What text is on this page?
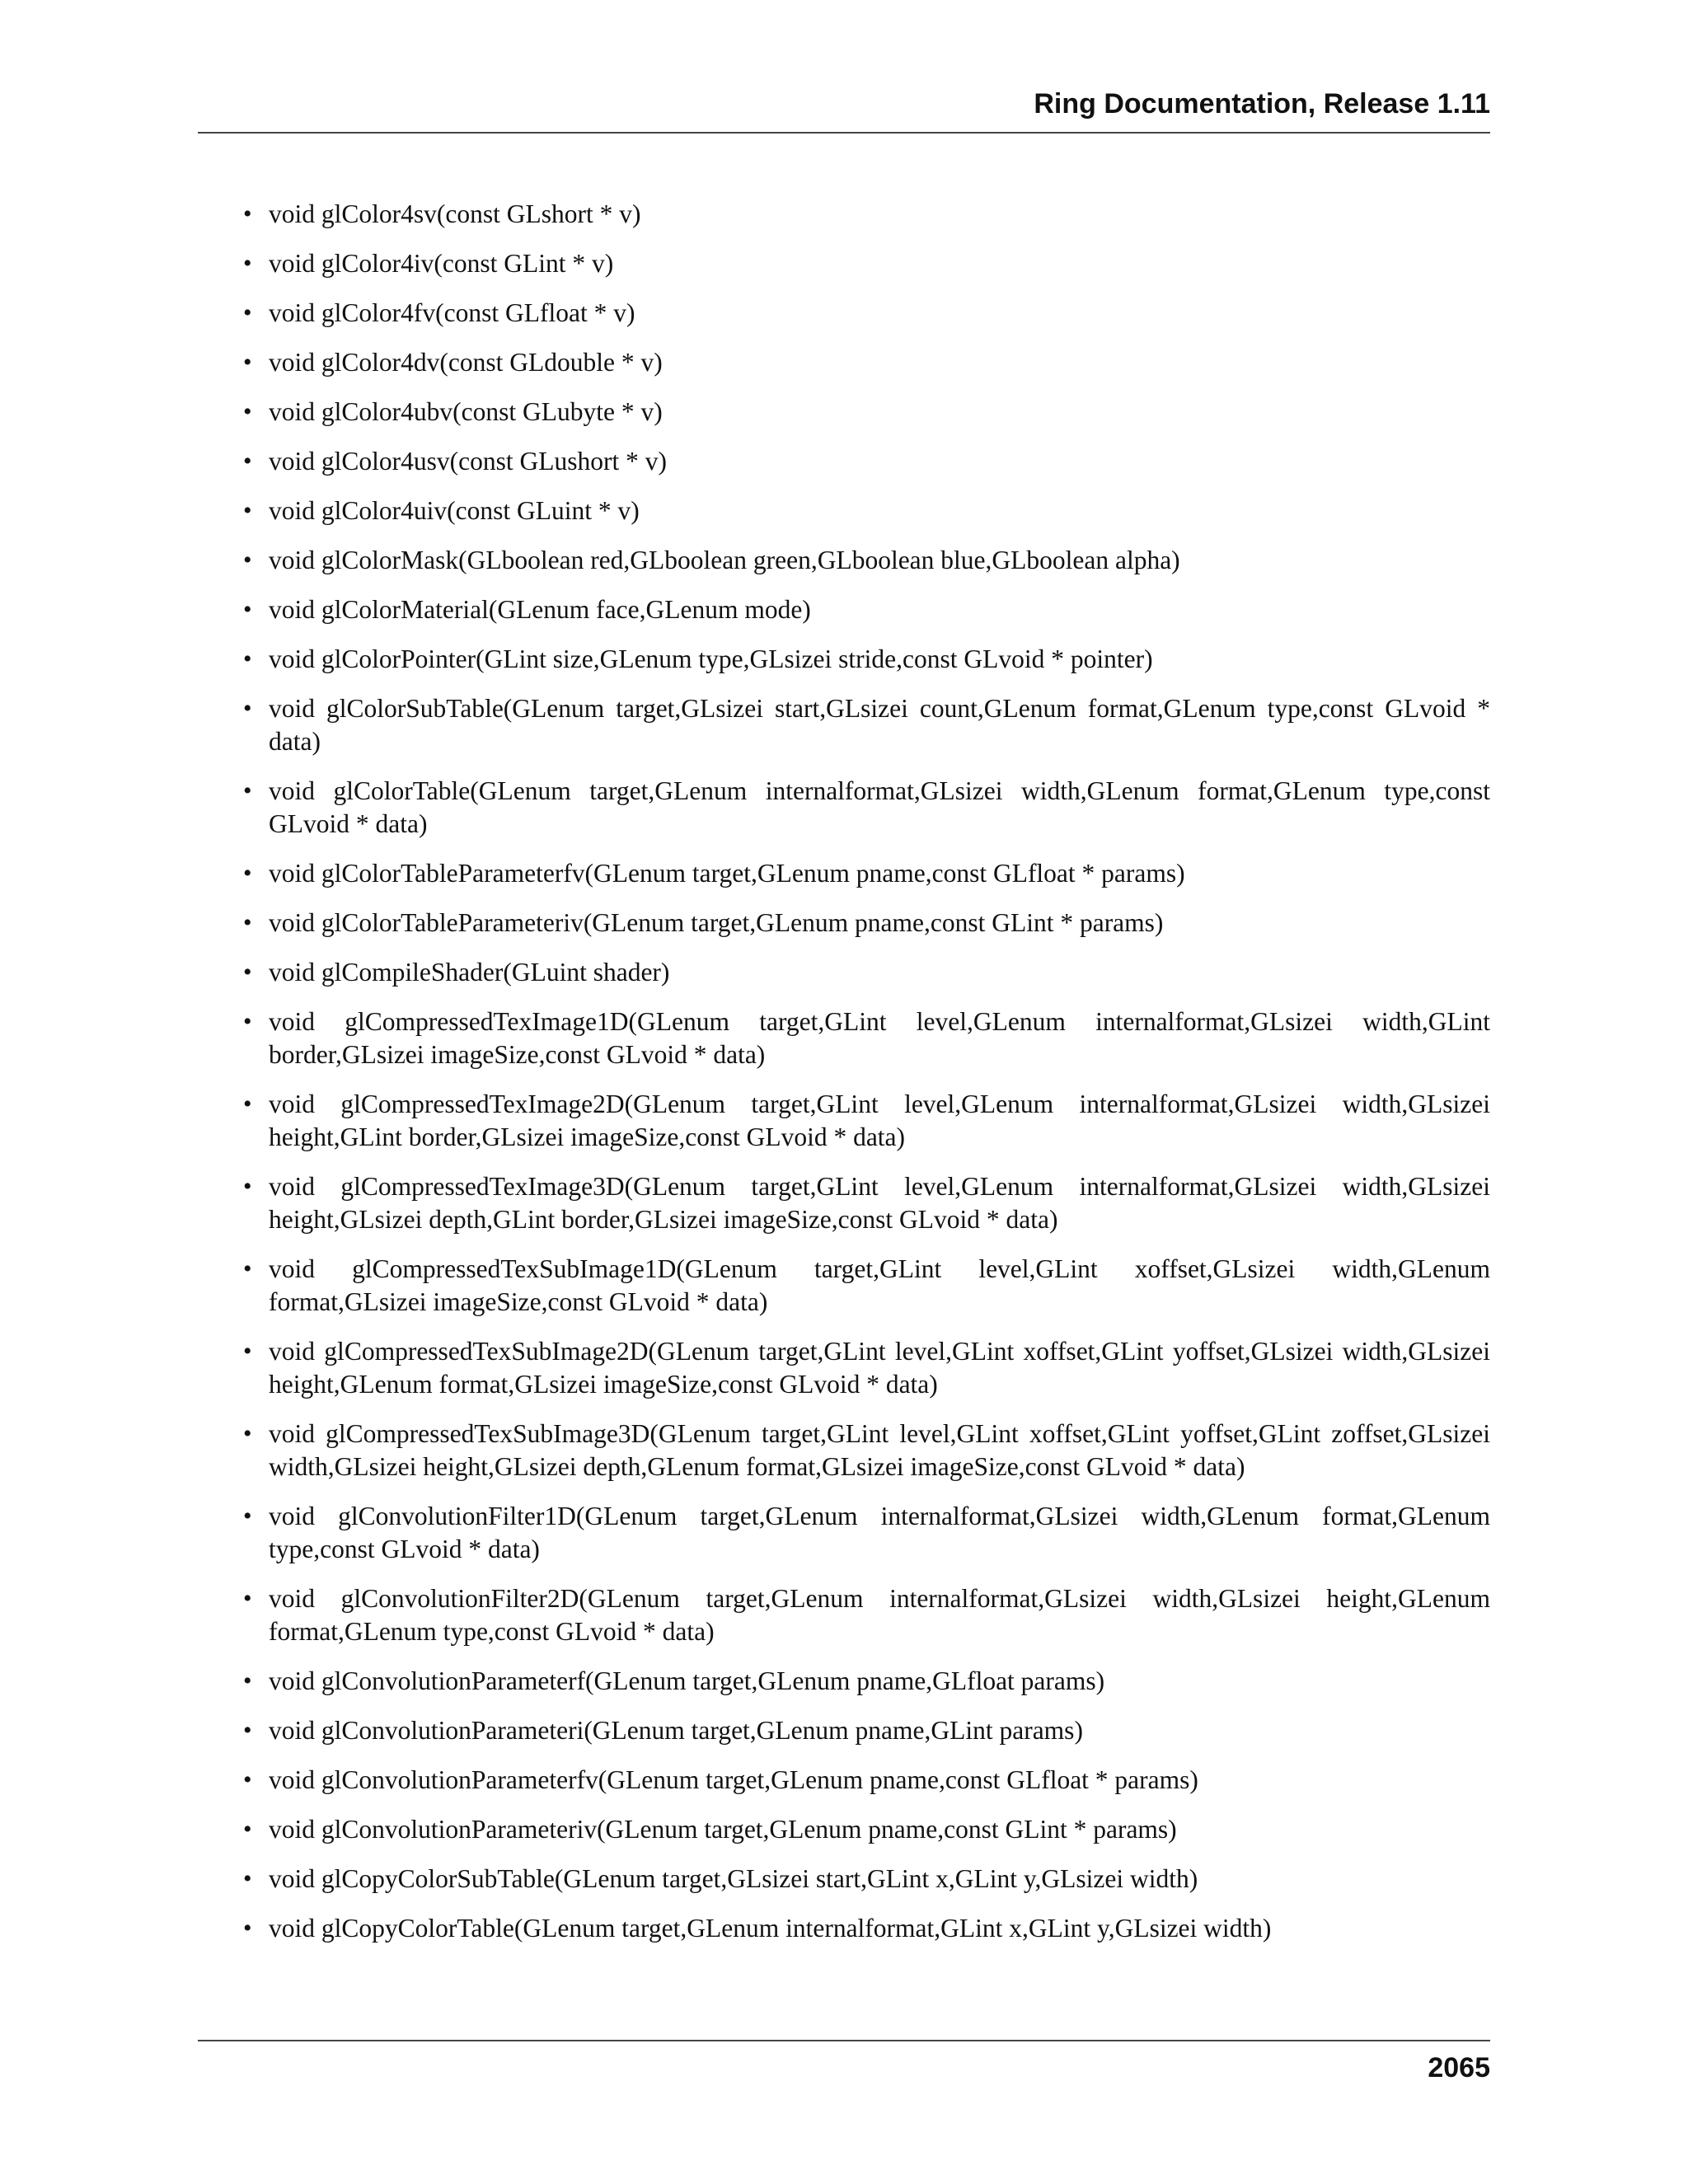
Ring Documentation, Release 1.11
• void glColor4sv(const GLshort * v)
• void glColor4iv(const GLint * v)
• void glColor4fv(const GLfloat * v)
• void glColor4dv(const GLdouble * v)
• void glColor4ubv(const GLubyte * v)
• void glColor4usv(const GLushort * v)
• void glColor4uiv(const GLuint * v)
• void glColorMask(GLboolean red,GLboolean green,GLboolean blue,GLboolean alpha)
• void glColorMaterial(GLenum face,GLenum mode)
• void glColorPointer(GLint size,GLenum type,GLsizei stride,const GLvoid * pointer)
• void glColorSubTable(GLenum target,GLsizei start,GLsizei count,GLenum format,GLenum type,const GLvoid * data)
• void glColorTable(GLenum target,GLenum internalformat,GLsizei width,GLenum format,GLenum type,const GLvoid * data)
• void glColorTableParameterfv(GLenum target,GLenum pname,const GLfloat * params)
• void glColorTableParameteriv(GLenum target,GLenum pname,const GLint * params)
• void glCompileShader(GLuint shader)
• void glCompressedTexImage1D(GLenum target,GLint level,GLenum internalformat,GLsizei width,GLint border,GLsizei imageSize,const GLvoid * data)
• void glCompressedTexImage2D(GLenum target,GLint level,GLenum internalformat,GLsizei width,GLsizei height,GLint border,GLsizei imageSize,const GLvoid * data)
• void glCompressedTexImage3D(GLenum target,GLint level,GLenum internalformat,GLsizei width,GLsizei height,GLsizei depth,GLint border,GLsizei imageSize,const GLvoid * data)
• void glCompressedTexSubImage1D(GLenum target,GLint level,GLint xoffset,GLsizei width,GLenum format,GLsizei imageSize,const GLvoid * data)
• void glCompressedTexSubImage2D(GLenum target,GLint level,GLint xoffset,GLint yoffset,GLsizei width,GLsizei height,GLenum format,GLsizei imageSize,const GLvoid * data)
• void glCompressedTexSubImage3D(GLenum target,GLint level,GLint xoffset,GLint yoffset,GLint zoffset,GLsizei width,GLsizei height,GLsizei depth,GLenum format,GLsizei imageSize,const GLvoid * data)
• void glConvolutionFilter1D(GLenum target,GLenum internalformat,GLsizei width,GLenum format,GLenum type,const GLvoid * data)
• void glConvolutionFilter2D(GLenum target,GLenum internalformat,GLsizei width,GLsizei height,GLenum format,GLenum type,const GLvoid * data)
• void glConvolutionParameterf(GLenum target,GLenum pname,GLfloat params)
• void glConvolutionParameteri(GLenum target,GLenum pname,GLint params)
• void glConvolutionParameterfv(GLenum target,GLenum pname,const GLfloat * params)
• void glConvolutionParameteriv(GLenum target,GLenum pname,const GLint * params)
• void glCopyColorSubTable(GLenum target,GLsizei start,GLint x,GLint y,GLsizei width)
• void glCopyColorTable(GLenum target,GLenum internalformat,GLint x,GLint y,GLsizei width)
2065
